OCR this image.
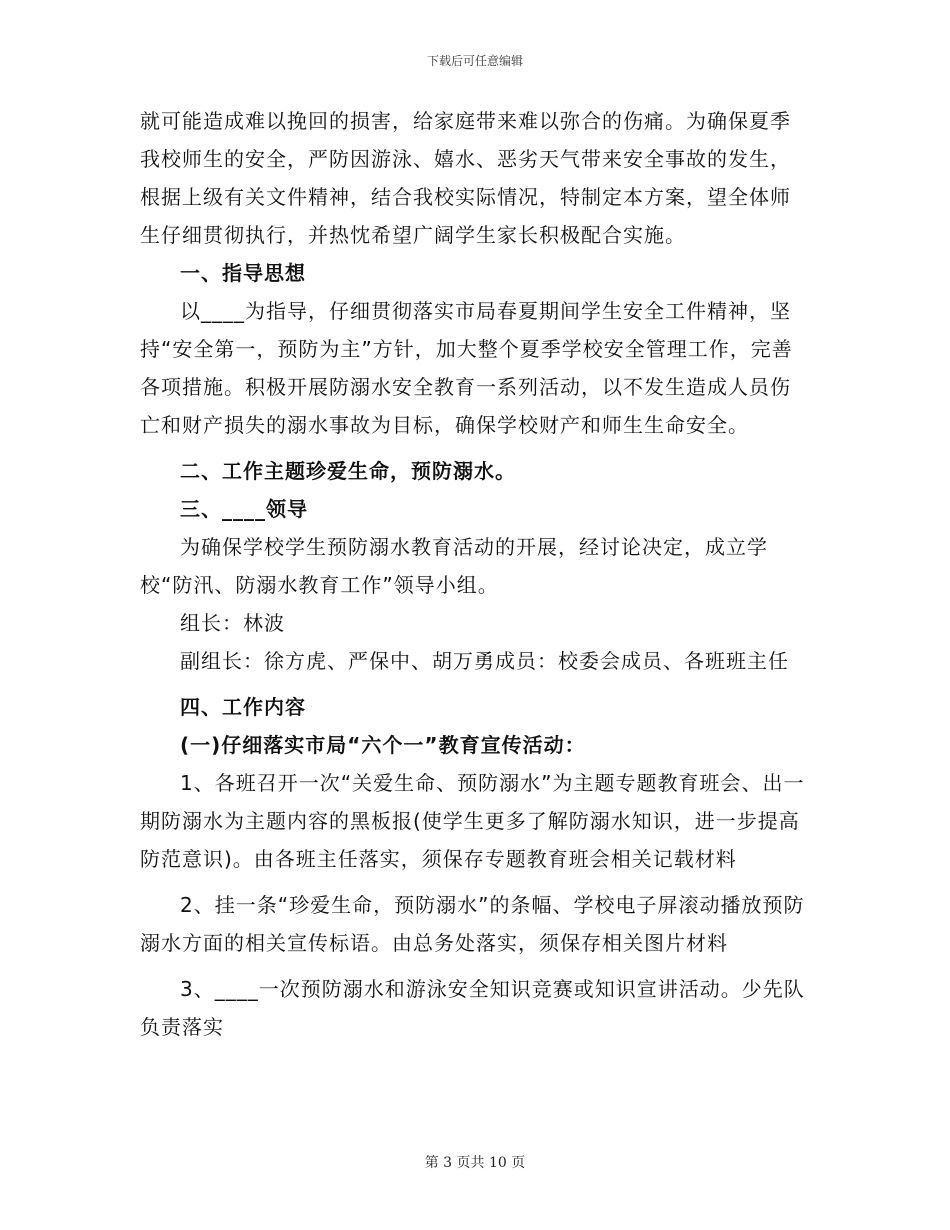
下载后可任意编辑

就可能造成难以挽回的损害，给家庭带来难以弥合的伤痛。为确保夏季我校师生的安全，严防因游泳、嬉水、恶劣天气带来安全事故的发生，根据上级有关文件精神，结合我校实际情况，特制定本方案，望全体师生仔细贯彻执行，并热忱希望广阔学生家长积极配合实施。

一、指导思想

以____为指导，仔细贯彻落实市局春夏期间学生安全工件精神，坚持“安全第一，预防为主”方针，加大整个夏季学校安全管理工作，完善各项措施。积极开展防溺水安全教育一系列活动，以不发生造成人员伤亡和财产损失的溺水事故为目标，确保学校财产和师生生命安全。

二、工作主题珍爱生命，预防溺水。

三、____领导

为确保学校学生预防溺水教育活动的开展，经讨论决定，成立学校“防汛、防溺水教育工作”领导小组。

组长：林波

副组长：徐方虎、严保中、胡万勇成员：校委会成员、各班班主任

四、工作内容

(一)仔细落实市局“六个一”教育宣传活动：

1、各班召开一次“关爱生命、预防溺水”为主题专题教育班会、出一期防溺水为主题内容的黑板报(使学生更多了解防溺水知识，进一步提高防范意识)。由各班主任落实，须保存专题教育班会相关记载材料

2、挂一条“珍爱生命，预防溺水”的条幅、学校电子屏滚动播放预防溺水方面的相关宣传标语。由总务处落实，须保存相关图片材料

3、____一次预防溺水和游泳安全知识竞赛或知识宣讲活动。少先队负责落实

第 3 页共 10 页
